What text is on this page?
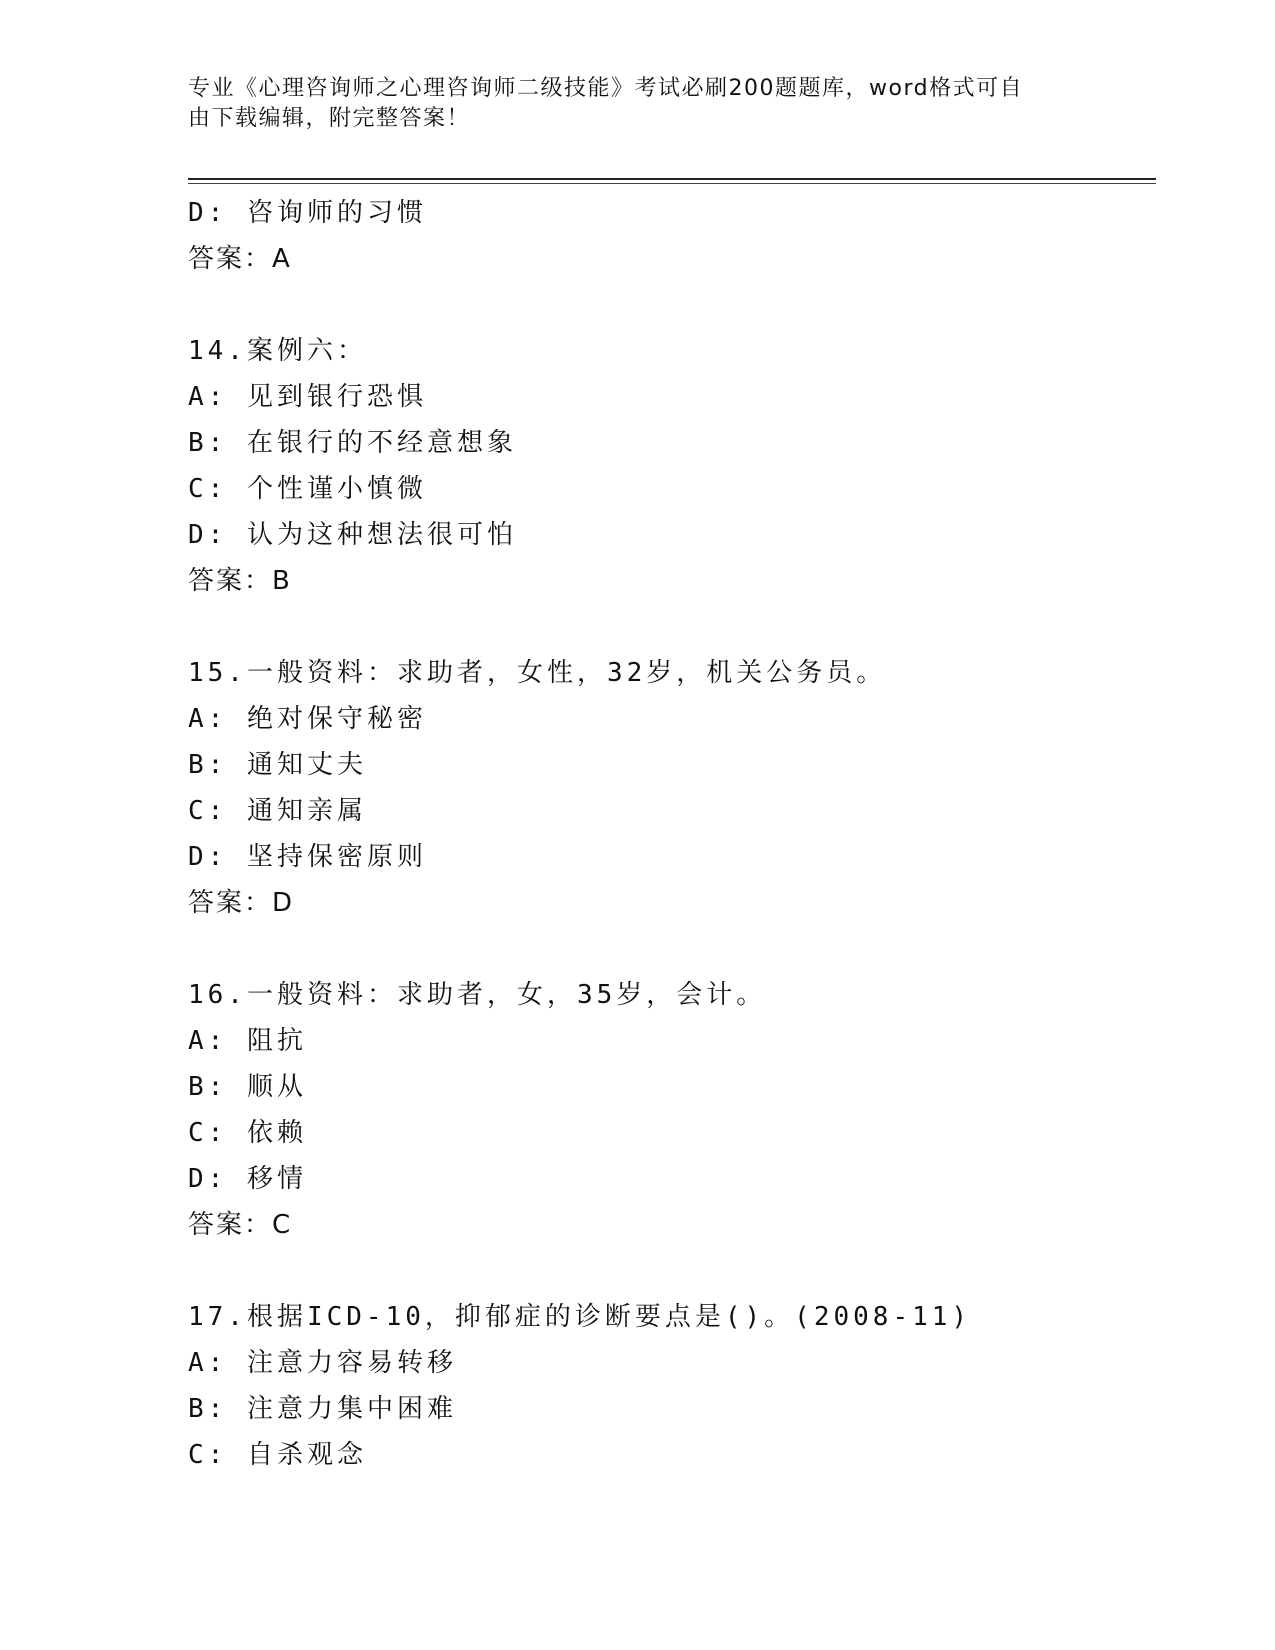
专业《心理咨询师之心理咨询师二级技能》考试必刷200题题库，word格式可自
由下载编辑，附完整答案！
D: 咨询师的习惯
答案：A
14.案例六：
A: 见到银行恐惧
B: 在银行的不经意想象
C: 个性谨小慎微
D: 认为这种想法很可怕
答案：B
15.一般资料：求助者，女性，32岁，机关公务员。
A: 绝对保守秘密
B: 通知丈夫
C: 通知亲属
D: 坚持保密原则
答案：D
16.一般资料：求助者，女，35岁，会计。
A: 阻抗
B: 顺从
C: 依赖
D: 移情
答案：C
17.根据ICD-10，抑郁症的诊断要点是()。(2008-11)
A: 注意力容易转移
B: 注意力集中困难
C: 自杀观念
